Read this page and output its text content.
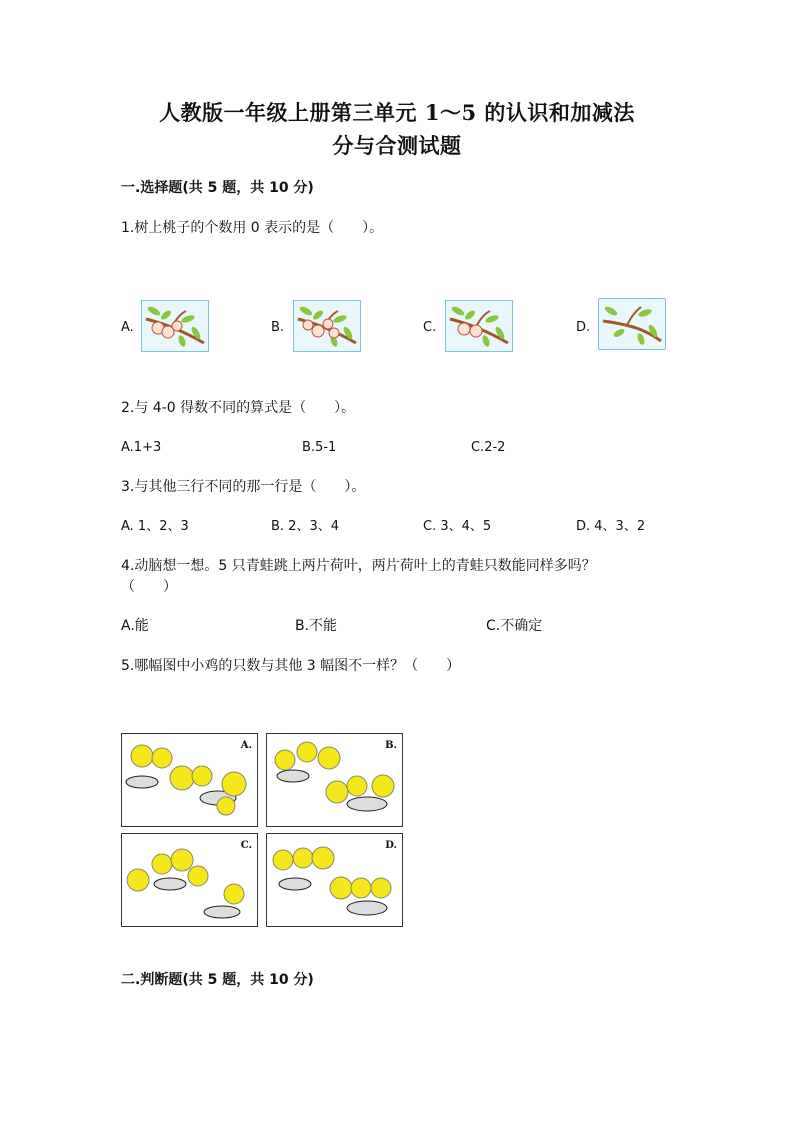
人教版一年级上册第三单元 1～5 的认识和加减法
分与合测试题
一.选择题(共 5 题，共 10 分)
1.树上桃子的个数用 0 表示的是（　　）。
A.	B.	C.	D.
2.与 4-0 得数不同的算式是（　　）。
A.1+3	B.5-1	C.2-2
3.与其他三行不同的那一行是（　　）。
A. 1、2、3	B. 2、3、4	C. 3、4、5	D. 4、3、2
4.动脑想一想。5 只青蛙跳上两片荷叶，两片荷叶上的青蛙只数能同样多吗？
（　　）
A.能	B.不能	C.不确定
5.哪幅图中小鸡的只数与其他 3 幅图不一样？（　　）
A.	B.
C.	D.
二.判断题(共 5 题，共 10 分)
